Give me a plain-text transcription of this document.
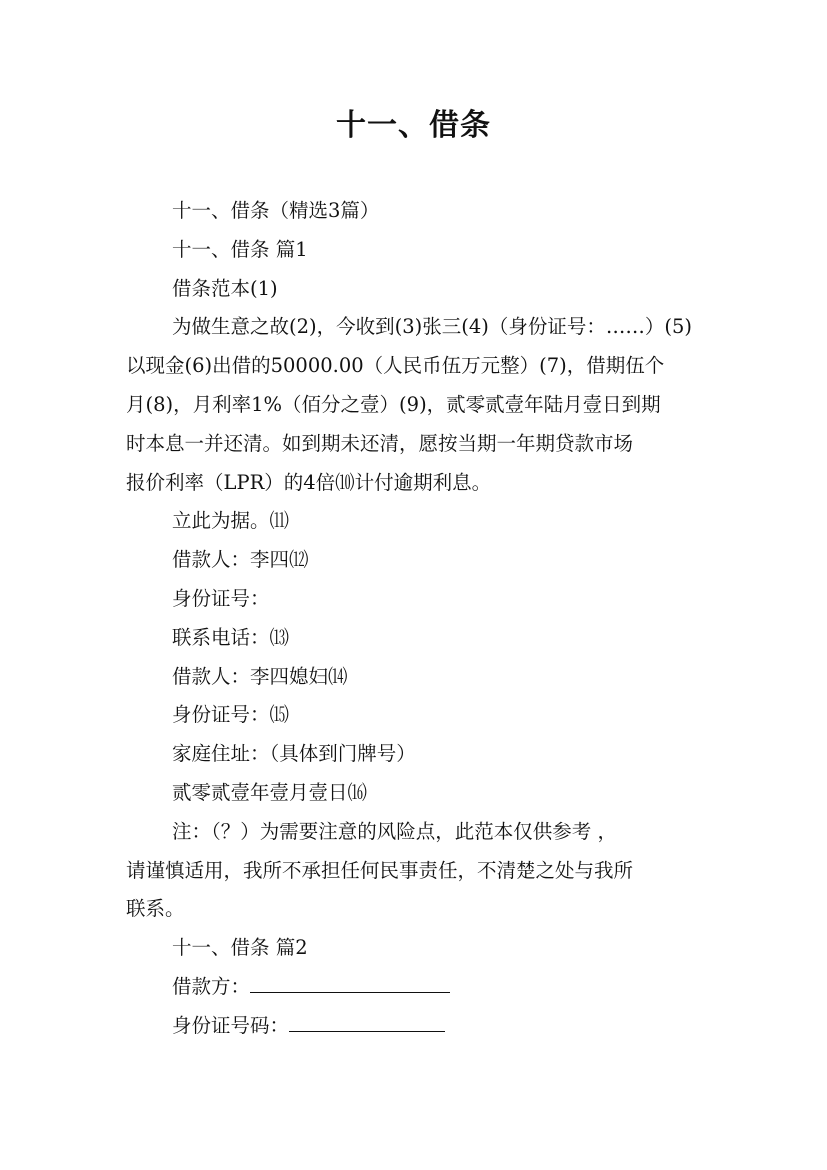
十一、借条
十一、借条（精选3篇）
十一、借条 篇1
借条范本(1)
为做生意之故(2)，今收到(3)张三(4)（身份证号：……）(5)
以现金(6)出借的50000.00（人民币伍万元整）(7)，借期伍个
月(8)，月利率1%（佰分之壹）(9)，贰零贰壹年陆月壹日到期
时本息一并还清。如到期未还清，愿按当期一年期贷款市场
报价利率（LPR）的4倍⑽计付逾期利息。
立此为据。⑾
借款人：李四⑿
身份证号：
联系电话：⒀
借款人：李四媳妇⒁
身份证号：⒂
家庭住址：（具体到门牌号）
贰零贰壹年壹月壹日⒃
注：（？）为需要注意的风险点，此范本仅供参考 ，
请谨慎适用，我所不承担任何民事责任，不清楚之处与我所
联系。
十一、借条 篇2
借款方：
身份证号码：
